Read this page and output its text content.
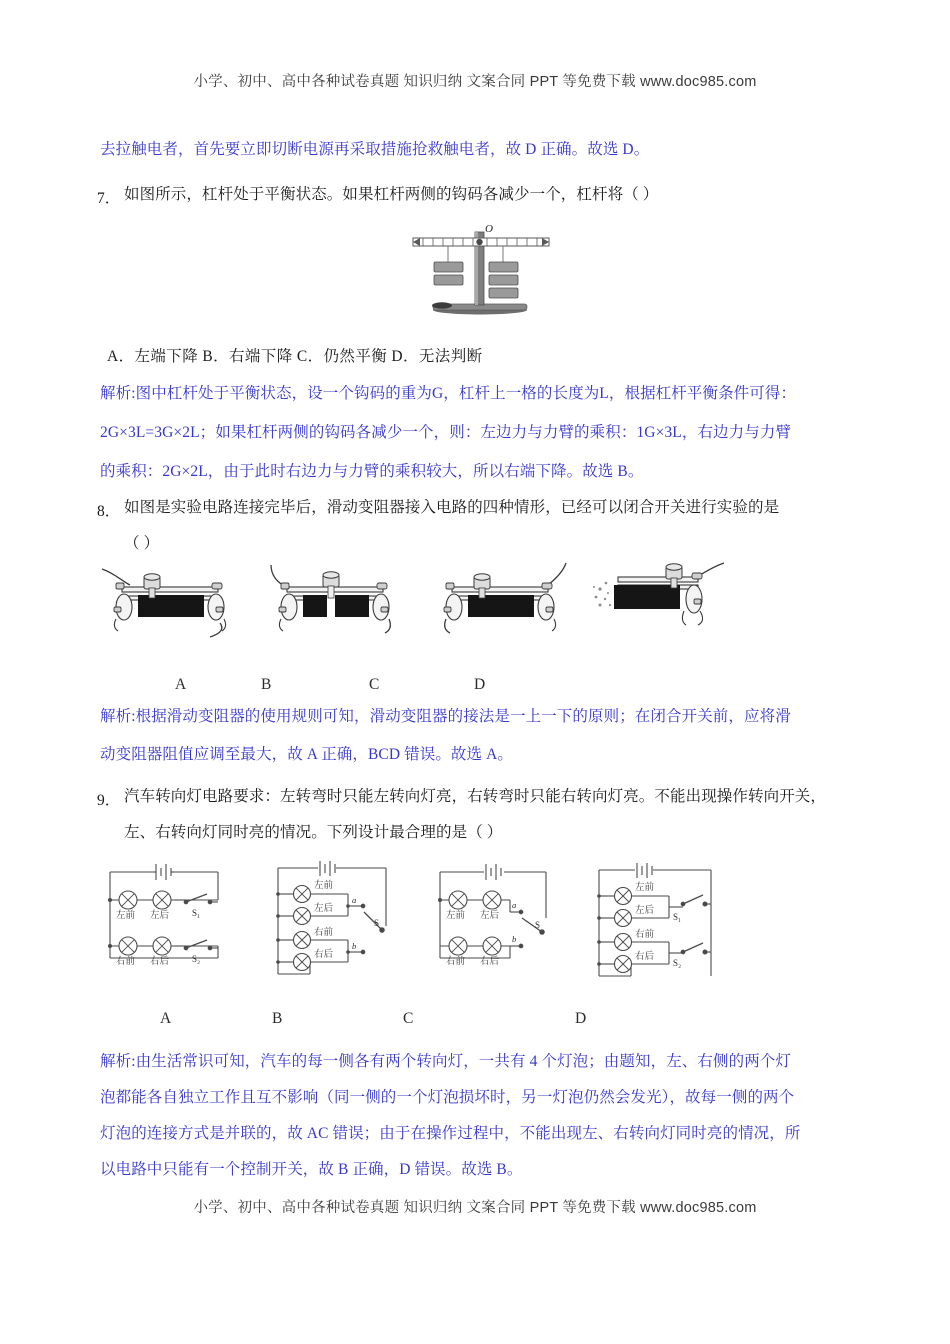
小学、初中、高中各种试卷真题 知识归纳 文案合同 PPT 等免费下载 www.doc985.com
去拉触电者，首先要立即切断电源再采取措施抢救触电者，故 D 正确。故选 D。
7． 如图所示，杠杆处于平衡状态。如果杠杆两侧的钩码各减少一个，杠杆将（ ）
O
A．左端下降 B．右端下降 C．仍然平衡 D．无法判断
解析:图中杠杆处于平衡状态，设一个钩码的重为G，杠杆上一格的长度为L，根据杠杆平衡条件可得：
2G×3L=3G×2L；如果杠杆两侧的钩码各减少一个，则：左边力与力臂的乘积：1G×3L，右边力与力臂
的乘积：2G×2L，由于此时右边力与力臂的乘积较大，所以右端下降。故选 B。
8． 如图是实验电路连接完毕后，滑动变阻器接入电路的四种情形，已经可以闭合开关进行实验的是
（ ）
A	B	C	D
解析:根据滑动变阻器的使用规则可知，滑动变阻器的接法是一上一下的原则；在闭合开关前，应将滑
动变阻器阻值应调至最大，故 A 正确，BCD 错误。故选 A。
9． 汽车转向灯电路要求：左转弯时只能左转向灯亮，右转弯时只能右转向灯亮。不能出现操作转向开关，
左、右转向灯同时亮的情况。下列设计最合理的是（ ）
左前 左后
右前 右后
S₁
S₂
左前
左后
右前
右后
a
b
S
左前 左后
右前 右后
a
b
S
左前
左后
右前
右后
S₁
S₂
A	B	C	D
解析:由生活常识可知，汽车的每一侧各有两个转向灯，一共有 4 个灯泡；由题知，左、右侧的两个灯
泡都能各自独立工作且互不影响（同一侧的一个灯泡损坏时，另一灯泡仍然会发光），故每一侧的两个
灯泡的连接方式是并联的，故 AC 错误；由于在操作过程中，不能出现左、右转向灯同时亮的情况，所
以电路中只能有一个控制开关，故 B 正确，D 错误。故选 B。
小学、初中、高中各种试卷真题 知识归纳 文案合同 PPT 等免费下载 www.doc985.com
